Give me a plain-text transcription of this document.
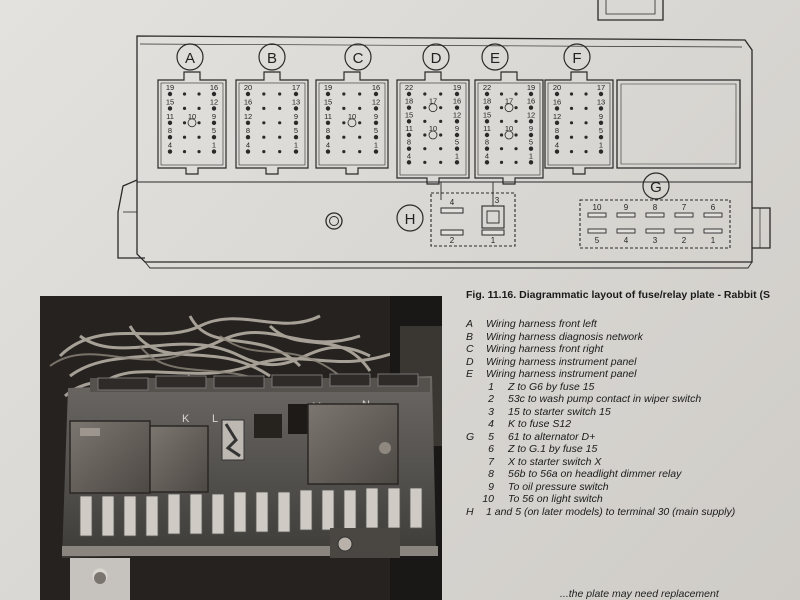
A
19	16
15	12
11 10 9
8	5
4	1
B
20	17
16	13
12	9
8	5
4	1
C
19	16
15	12
11 10 9
8	5
4	1
D
22	19
18 17 16
15	12
11 10 9
8	5
4	1
E
22	19
18 17 16
15	12
11 10 9
8	5
4	1
F
20	17
16	13
12	9
8	5
4	1
4	3
2	1
H
G
10	9	8	7	6
5	4	3	2	1
K L
Fig. 11.16. Diagrammatic layout of fuse/relay plate - Rabbit (S
A Wiring harness front left
B Wiring harness diagnosis network
C Wiring harness front right
D Wiring harness instrument panel
E Wiring harness instrument panel
1 Z to G6 by fuse 15
2 53c to wash pump contact in wiper switch
3 15 to starter switch 15
4 K to fuse S12
G	5 61 to alternator D+
6 Z to G.1 by fuse 15
7 X to starter switch X
8 56b to 56a on headlight dimmer relay
9 To oil pressure switch
10 To 56 on light switch
H 1 and 5 (on later models) to terminal 30 (main supply)
...the plate may need replacement
